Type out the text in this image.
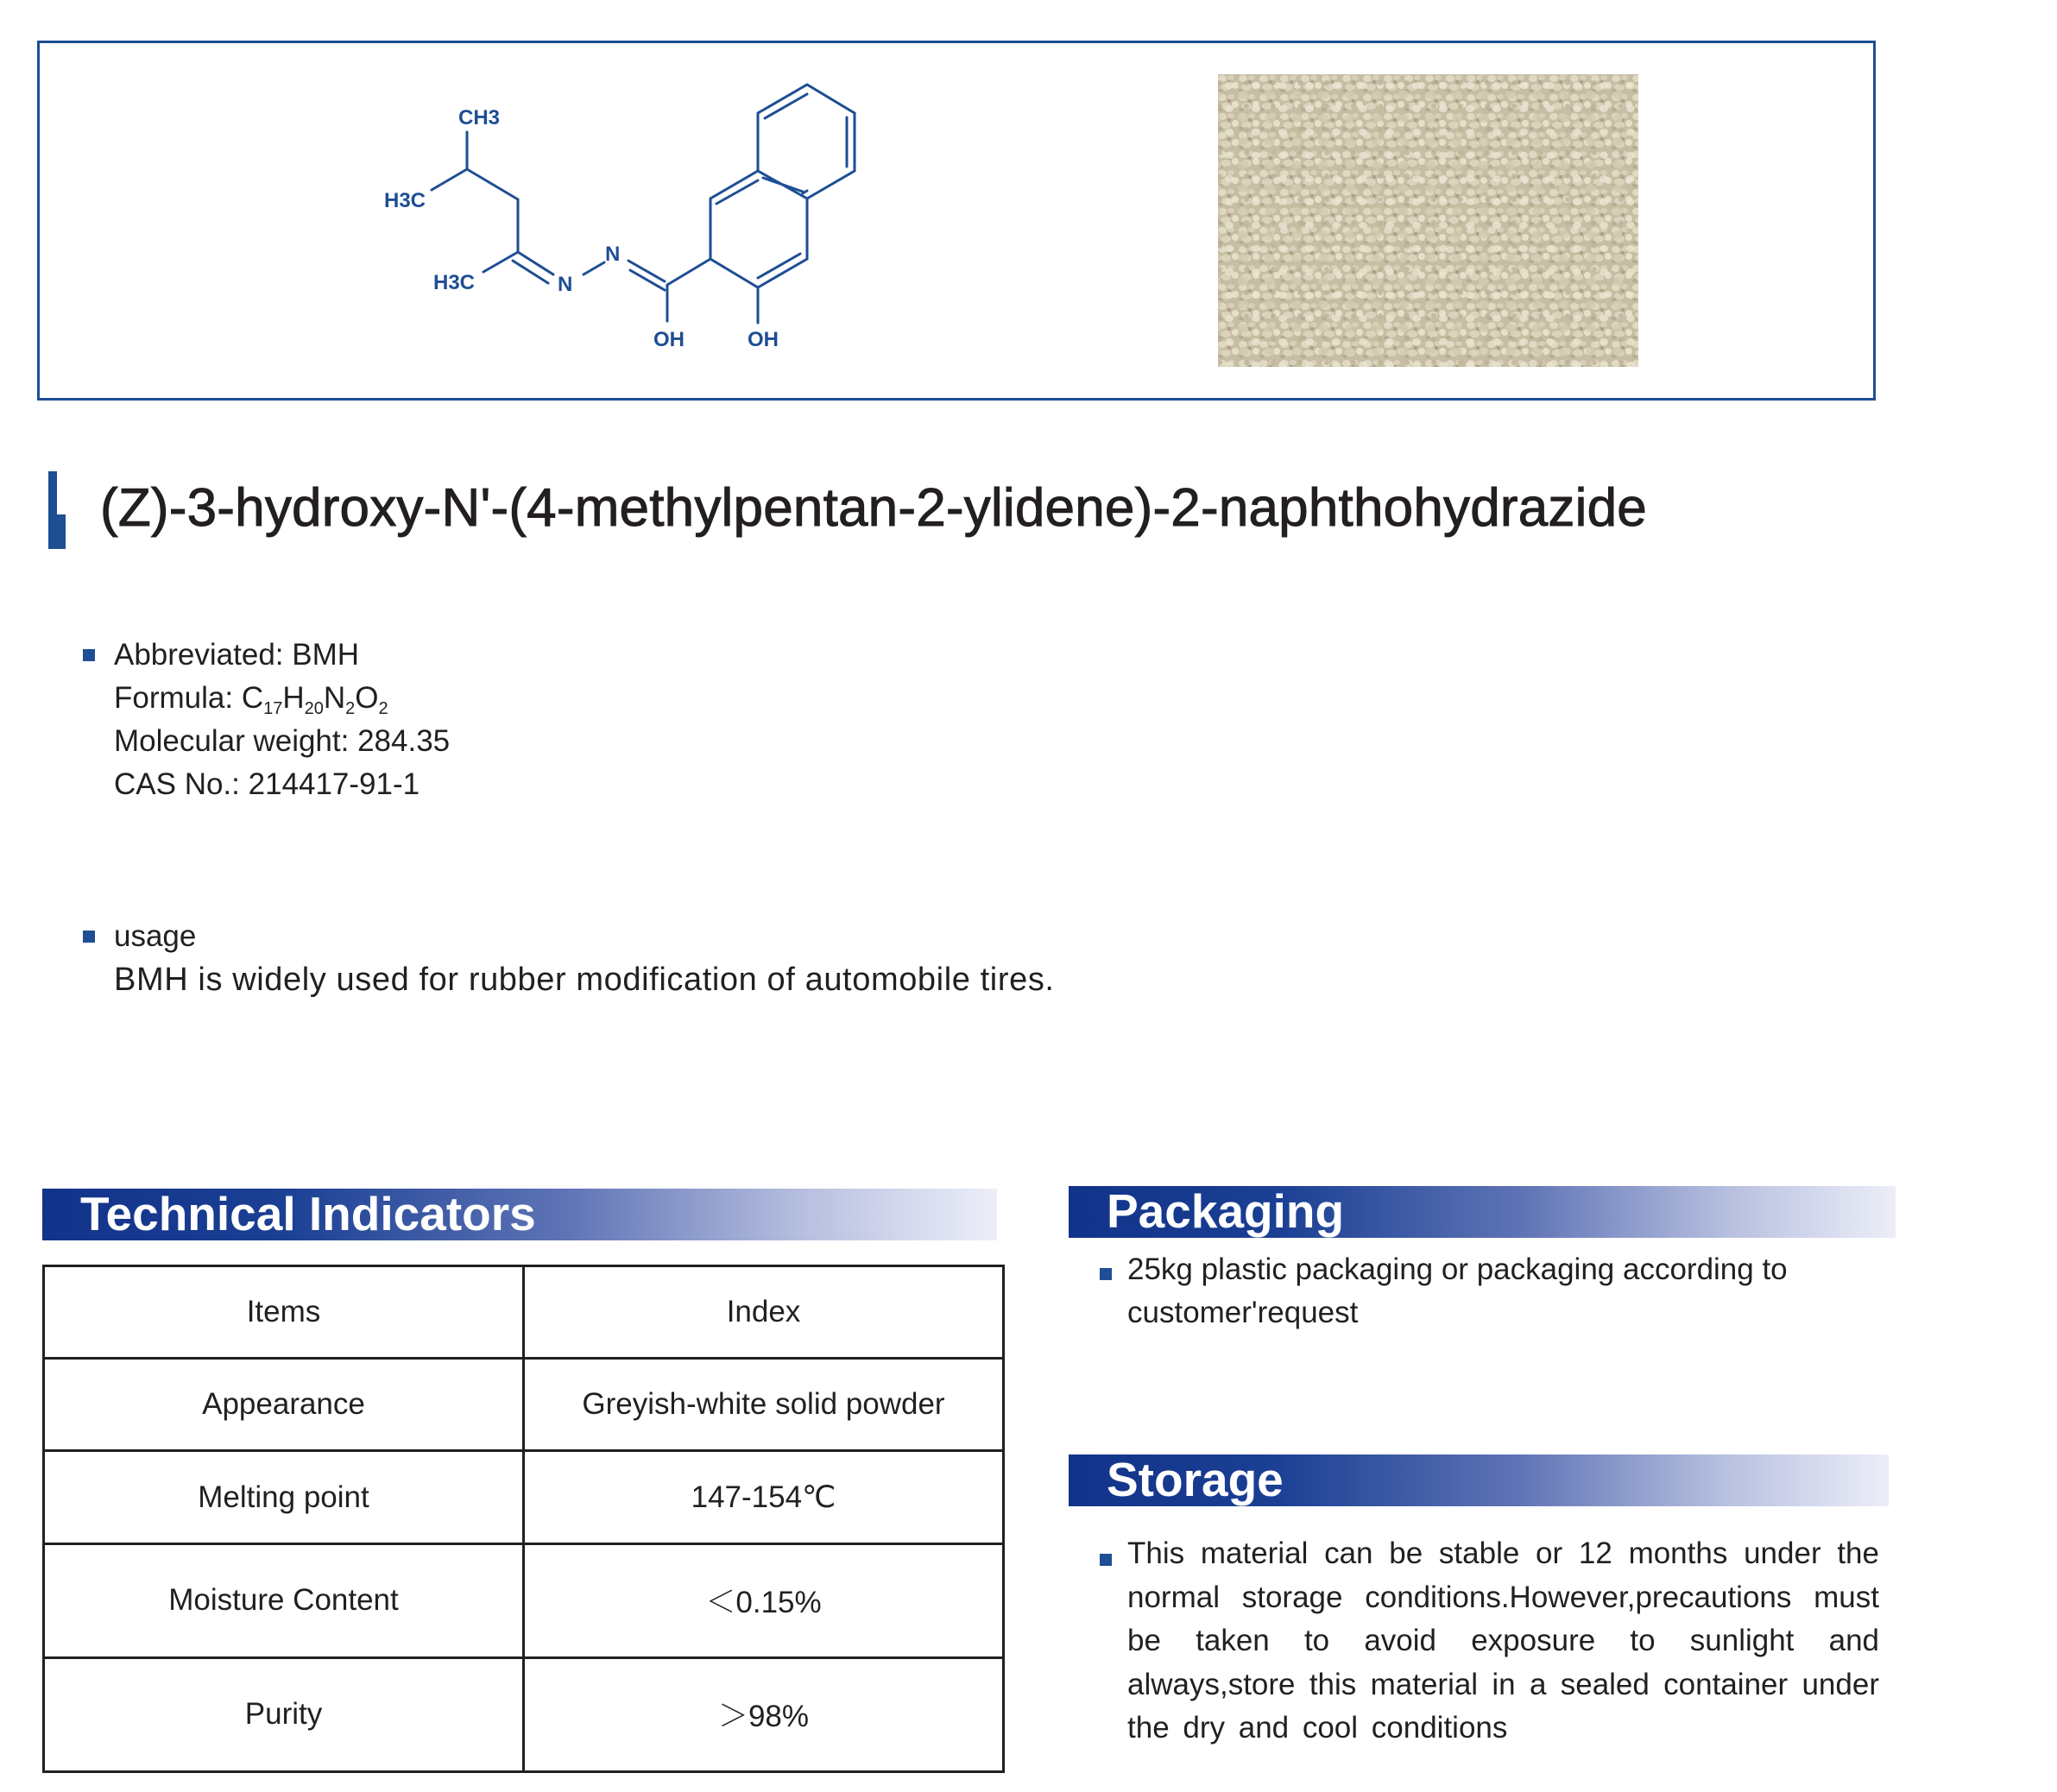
CH3
H3C
H3C	N
N
OH	OH
(Z)-3-hydroxy-N'-(4-methylpentan-2-ylidene)-2-naphthohydrazide
Abbreviated: BMH
Formula: $C_{17}H_{20}N_2O_2$
Molecular weight: 284.35
CAS No.: 214417-91-1
usage
BMH is widely used for rubber modification of automobile tires.
Technical Indicators
Items	Index
Appearance	Greyish-white solid powder
Melting point	147-154℃
Moisture Content	＜0.15%
Purity	＞98%
Packaging
25kg plastic packaging or packaging according to
customer'request
Storage
This material can be stable or 12 months under the normal storage conditions.However,precautions must be taken to avoid exposure to sunlight and always,store this material in a sealed container under the dry and cool conditions
